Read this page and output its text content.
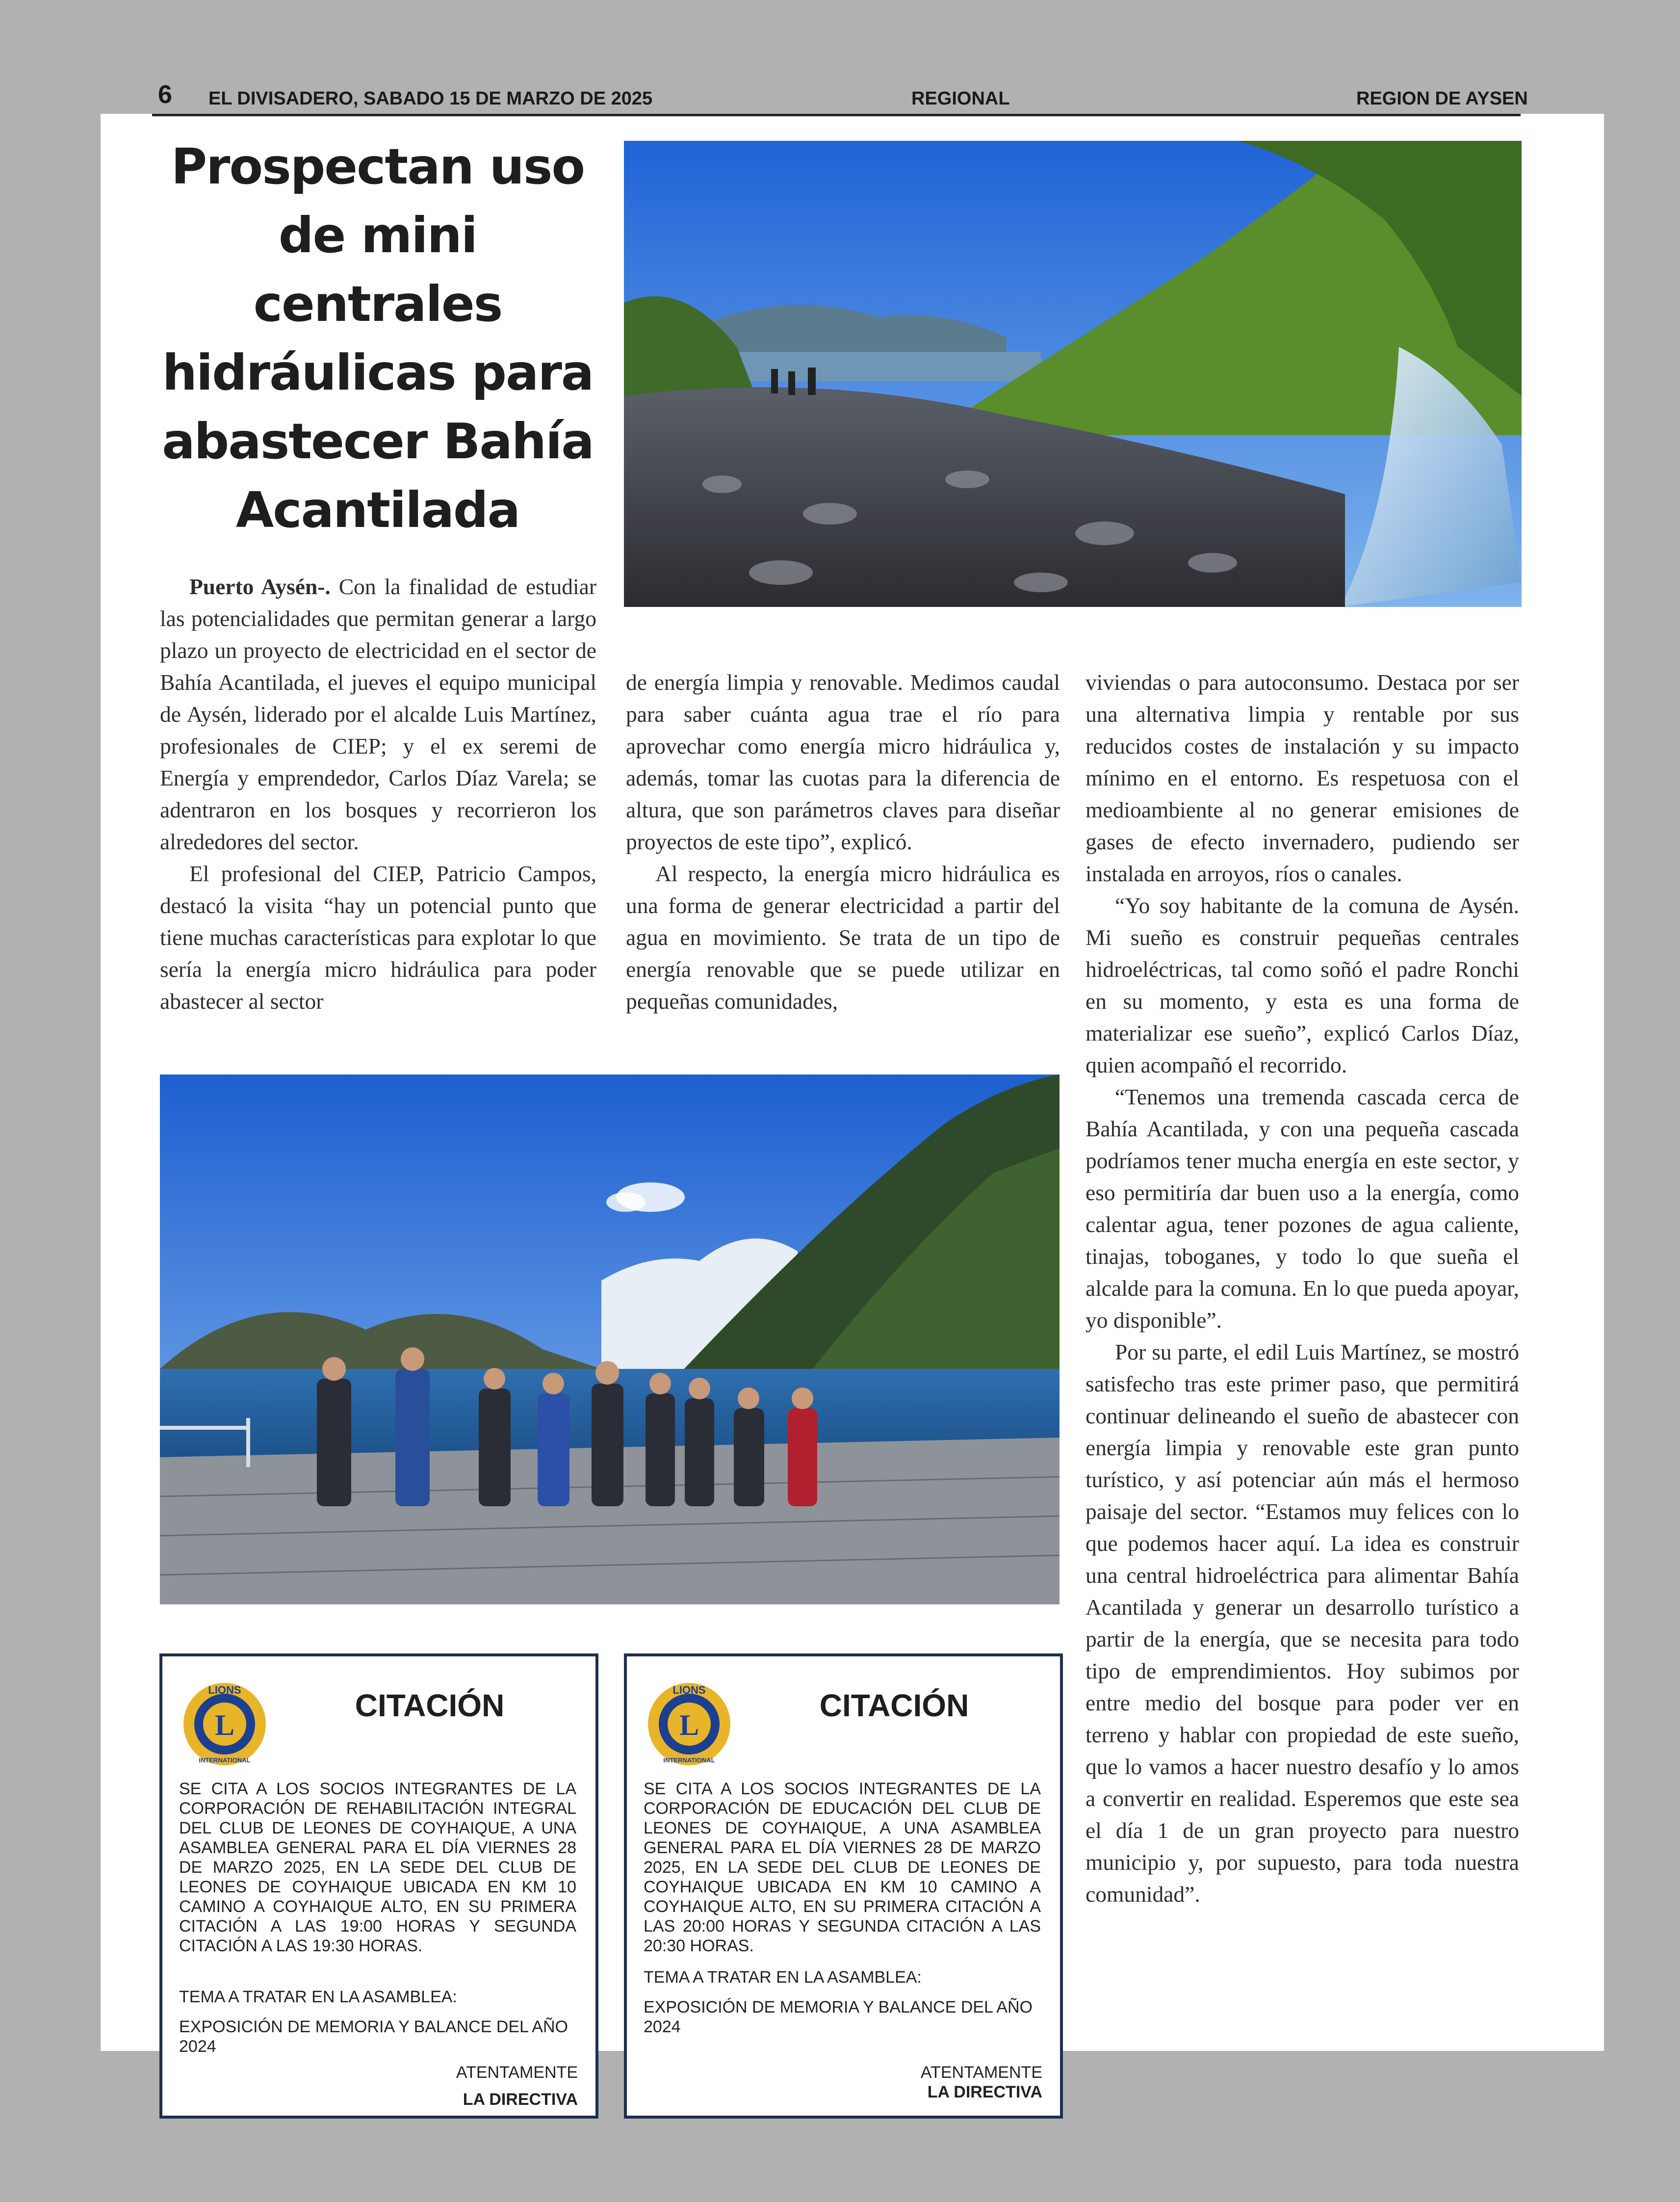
6 EL DIVISADERO, SABADO 15 DE MARZO DE 2025	REGIONAL	REGION DE AYSEN
Prospectan uso de mini centrales hidráulicas para abastecer Bahía Acantilada

Puerto Aysén-. Con la finalidad de estudiar las potencialidades que permitan generar a largo plazo un proyecto de electricidad en el sector de Bahía Acantilada, el jueves el equipo municipal de Aysén, liderado por el alcalde Luis Martínez, profesionales de CIEP; y el ex seremi de Energía y emprendedor, Carlos Díaz Varela; se adentraron en los bosques y recorrieron los alrededores del sector.

El profesional del CIEP, Patricio Campos, destacó la visita “hay un potencial punto que tiene muchas características para explotar lo que sería la energía micro hidráulica para poder abastecer al sector

de energía limpia y renovable. Medimos caudal para saber cuánta agua trae el río para aprovechar como energía micro hidráulica y, además, tomar las cuotas para la diferencia de altura, que son parámetros claves para diseñar proyectos de este tipo”, explicó.

Al respecto, la energía micro hidráulica es una forma de generar electricidad a partir del agua en movimiento. Se trata de un tipo de energía renovable que se puede utilizar en pequeñas comunidades,

viviendas o para autoconsumo. Destaca por ser una alternativa limpia y rentable por sus reducidos costes de instalación y su impacto mínimo en el entorno. Es respetuosa con el medioambiente al no generar emisiones de gases de efecto invernadero, pudiendo ser instalada en arroyos, ríos o canales.

“Yo soy habitante de la comuna de Aysén. Mi sueño es construir pequeñas centrales hidroeléctricas, tal como soñó el padre Ronchi en su momento, y esta es una forma de materializar ese sueño”, explicó Carlos Díaz, quien acompañó el recorrido.

“Tenemos una tremenda cascada cerca de Bahía Acantilada, y con una pequeña cascada podríamos tener mucha energía en este sector, y eso permitiría dar buen uso a la energía, como calentar agua, tener pozones de agua caliente, tinajas, toboganes, y todo lo que sueña el alcalde para la comuna. En lo que pueda apoyar, yo disponible”.

Por su parte, el edil Luis Martínez, se mostró satisfecho tras este primer paso, que permitirá continuar delineando el sueño de abastecer con energía limpia y renovable este gran punto turístico, y así potenciar aún más el hermoso paisaje del sector. “Estamos muy felices con lo que podemos hacer aquí. La idea es construir una central hidroeléctrica para alimentar Bahía Acantilada y generar un desarrollo turístico a partir de la energía, que se necesita para todo tipo de emprendimientos. Hoy subimos por entre medio del bosque para poder ver en terreno y hablar con propiedad de este sueño, que lo vamos a hacer nuestro desafío y lo amos a convertir en realidad. Esperemos que este sea el día 1 de un gran proyecto para nuestro municipio y, por supuesto, para toda nuestra comunidad”.

L
LIONS
INTERNATIONAL
CITACIÓN
SE CITA A LOS SOCIOS INTEGRANTES DE LA CORPORACIÓN DE REHABILITACIÓN INTEGRAL DEL CLUB DE LEONES DE COYHAIQUE, A UNA ASAMBLEA GENERAL PARA EL DÍA VIERNES 28 DE MARZO 2025, EN LA SEDE DEL CLUB DE LEONES DE COYHAIQUE UBICADA EN KM 10 CAMINO A COYHAIQUE ALTO, EN SU PRIMERA CITACIÓN A LAS 19:00 HORAS Y SEGUNDA CITACIÓN A LAS 19:30 HORAS.
TEMA A TRATAR EN LA ASAMBLEA:
EXPOSICIÓN DE MEMORIA Y BALANCE DEL AÑO 2024
ATENTAMENTE
LA DIRECTIVA
L
LIONS
INTERNATIONAL
CITACIÓN
SE CITA A LOS SOCIOS INTEGRANTES DE LA CORPORACIÓN DE EDUCACIÓN DEL CLUB DE LEONES DE COYHAIQUE, A UNA ASAMBLEA GENERAL PARA EL DÍA VIERNES 28 DE MARZO 2025, EN LA SEDE DEL CLUB DE LEONES DE COYHAIQUE UBICADA EN KM 10 CAMINO A COYHAIQUE ALTO, EN SU PRIMERA CITACIÓN A LAS 20:00 HORAS Y SEGUNDA CITACIÓN A LAS 20:30 HORAS.
TEMA A TRATAR EN LA ASAMBLEA:
EXPOSICIÓN DE MEMORIA Y BALANCE DEL AÑO 2024
ATENTAMENTE
LA DIRECTIVA
